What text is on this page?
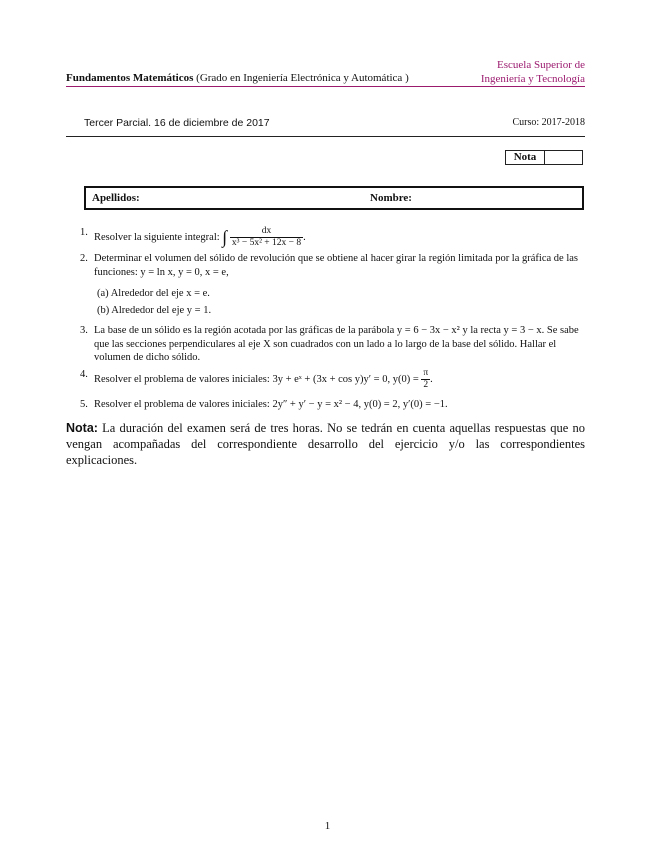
Fundamentos Matemáticos (Grado en Ingeniería Electrónica y Automática )
Escuela Superior de
Ingeniería y Tecnología
Tercer Parcial. 16 de diciembre de 2017	Curso: 2017-2018
Nota
Apellidos:	Nombre:
1. Resolver la siguiente integral: ∫ $\frac{dx}{\text{x³ − 5x² + 12x − 8}}$ .
2. Determinar el volumen del sólido de revolución que se obtiene al hacer girar la región limitada por la gráfica de las funciones: y = ln x, y = 0, x = e,
(a) Alrededor del eje x = e.
(b) Alrededor del eje y = 1.
3. La base de un sólido es la región acotada por las gráficas de la parábola y = 6 − 3x − x² y la recta y = 3 − x. Se sabe que las secciones perpendiculares al eje X son cuadrados con un lado a lo largo de la base del sólido. Hallar el volumen de dicho sólido.
4. Resolver el problema de valores iniciales: 3y + eˣ + (3x + cos y)y′ = 0, $y(0) = \frac{\pi}{2}$ .
5. Resolver el problema de valores iniciales: 2y″ + y′ − y = x² − 4, y(0) = 2, y′(0) = −1.
Nota: La duración del examen será de tres horas. No se tedrán en cuenta aquellas respuestas que no vengan acompañadas del correspondiente desarrollo del ejercicio y/o las correspondientes explicaciones.
1
